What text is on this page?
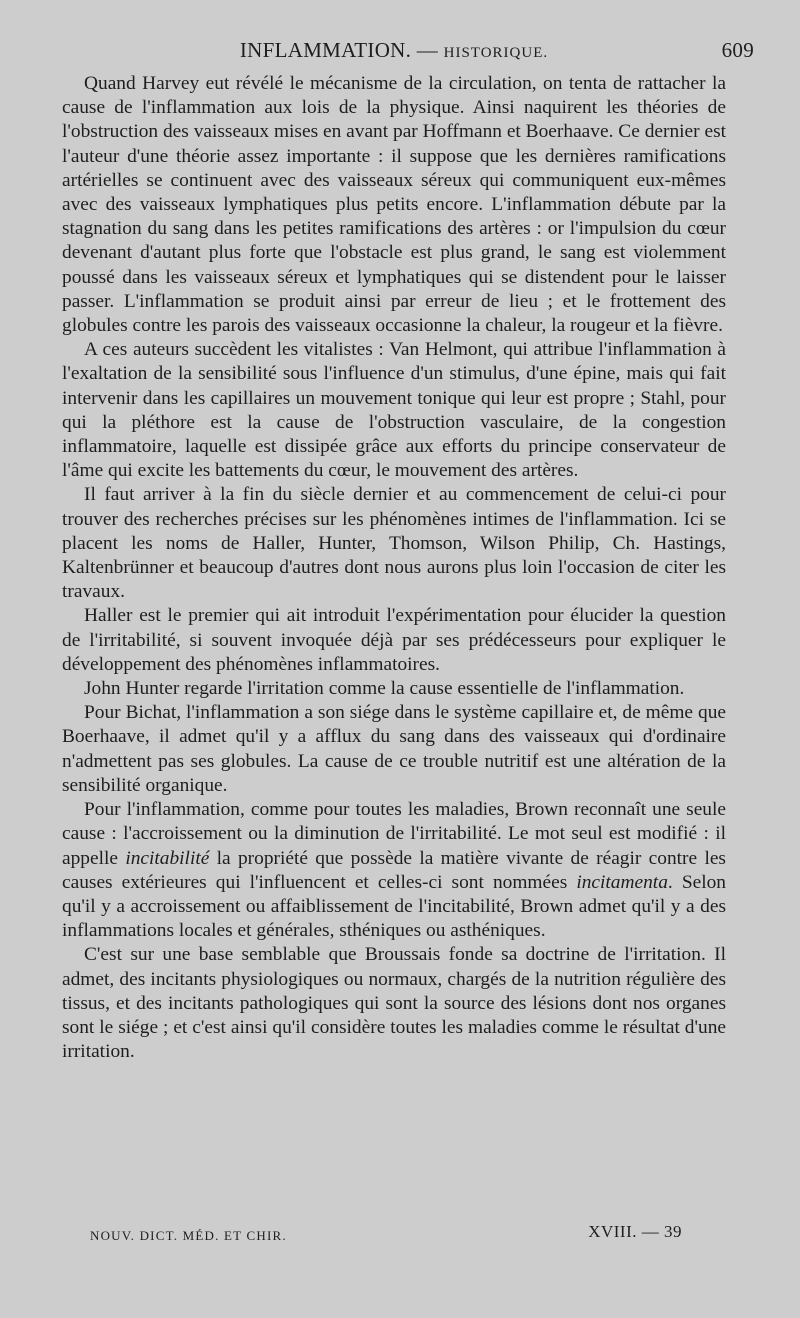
INFLAMMATION. — HISTORIQUE.	609

Quand Harvey eut révélé le mécanisme de la circulation, on tenta de rattacher la cause de l'inflammation aux lois de la physique. Ainsi naquirent les théories de l'obstruction des vaisseaux mises en avant par Hoffmann et Boerhaave. Ce dernier est l'auteur d'une théorie assez importante : il suppose que les dernières ramifications artérielles se continuent avec des vaisseaux séreux qui communiquent eux-mêmes avec des vaisseaux lymphatiques plus petits encore. L'inflammation débute par la stagnation du sang dans les petites ramifications des artères : or l'impulsion du cœur devenant d'autant plus forte que l'obstacle est plus grand, le sang est violemment poussé dans les vaisseaux séreux et lymphatiques qui se distendent pour le laisser passer. L'inflammation se produit ainsi par erreur de lieu ; et le frottement des globules contre les parois des vaisseaux occasionne la chaleur, la rougeur et la fièvre.

A ces auteurs succèdent les vitalistes : Van Helmont, qui attribue l'inflammation à l'exaltation de la sensibilité sous l'influence d'un stimulus, d'une épine, mais qui fait intervenir dans les capillaires un mouvement tonique qui leur est propre ; Stahl, pour qui la pléthore est la cause de l'obstruction vasculaire, de la congestion inflammatoire, laquelle est dissipée grâce aux efforts du principe conservateur de l'âme qui excite les battements du cœur, le mouvement des artères.

Il faut arriver à la fin du siècle dernier et au commencement de celui-ci pour trouver des recherches précises sur les phénomènes intimes de l'inflammation. Ici se placent les noms de Haller, Hunter, Thomson, Wilson Philip, Ch. Hastings, Kaltenbrünner et beaucoup d'autres dont nous aurons plus loin l'occasion de citer les travaux.

Haller est le premier qui ait introduit l'expérimentation pour élucider la question de l'irritabilité, si souvent invoquée déjà par ses prédécesseurs pour expliquer le développement des phénomènes inflammatoires.

John Hunter regarde l'irritation comme la cause essentielle de l'inflammation.

Pour Bichat, l'inflammation a son siége dans le système capillaire et, de même que Boerhaave, il admet qu'il y a afflux du sang dans des vaisseaux qui d'ordinaire n'admettent pas ses globules. La cause de ce trouble nutritif est une altération de la sensibilité organique.

Pour l'inflammation, comme pour toutes les maladies, Brown reconnaît une seule cause : l'accroissement ou la diminution de l'irritabilité. Le mot seul est modifié : il appelle incitabilité la propriété que possède la matière vivante de réagir contre les causes extérieures qui l'influencent et celles-ci sont nommées incitamenta. Selon qu'il y a accroissement ou affaiblissement de l'incitabilité, Brown admet qu'il y a des inflammations locales et générales, sthéniques ou asthéniques.

C'est sur une base semblable que Broussais fonde sa doctrine de l'irritation. Il admet, des incitants physiologiques ou normaux, chargés de la nutrition régulière des tissus, et des incitants pathologiques qui sont la source des lésions dont nos organes sont le siége ; et c'est ainsi qu'il considère toutes les maladies comme le résultat d'une irritation.

NOUV. DICT. MÉD. ET CHIR.	XVIII. — 39
